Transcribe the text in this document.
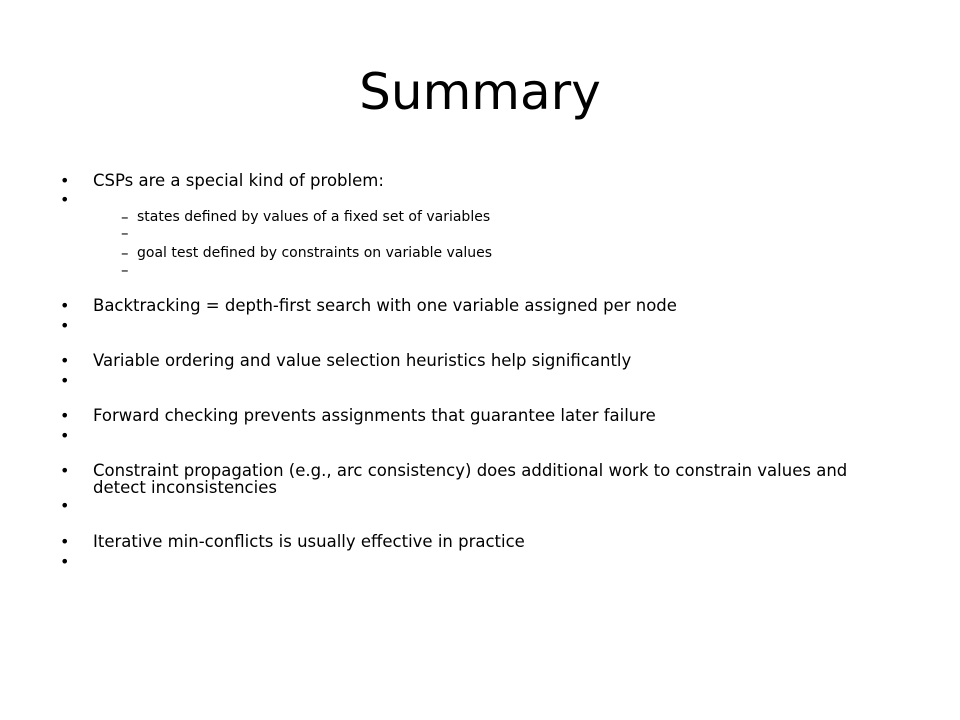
Summary
•	CSPs are a special kind of problem:
•
– states defined by values of a fixed set of variables
–
– goal test defined by constraints on variable values
–
•	Backtracking = depth-first search with one variable assigned per node
•
•	Variable ordering and value selection heuristics help significantly
•
•	Forward checking prevents assignments that guarantee later failure
•
•	Constraint propagation (e.g., arc consistency) does additional work to constrain values and detect inconsistencies
•
•	Iterative min-conflicts is usually effective in practice
•
